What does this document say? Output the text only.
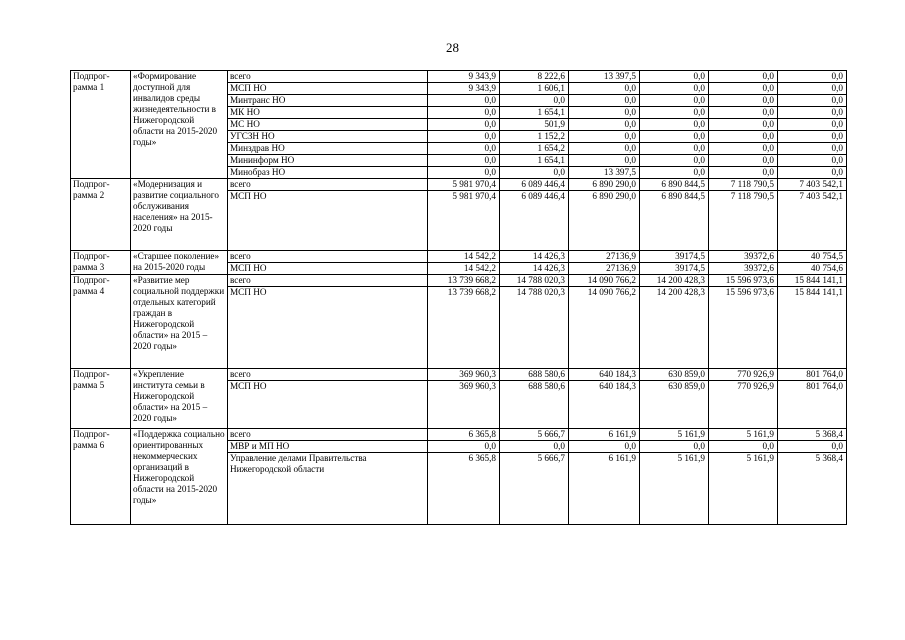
28
Подпрог-
рамма 1	«Формирование доступной для инвалидов среды жизнедеятельности в Нижегородской области на 2015-2020 годы»	всего	9 343,9	8 222,6	13 397,5	0,0	0,0	0,0
		МСП НО	9 343,9	1 606,1	0,0	0,0	0,0	0,0
		Минтранс НО	0,0	0,0	0,0	0,0	0,0	0,0
		МК НО	0,0	1 654,1	0,0	0,0	0,0	0,0
		МС НО	0,0	501,9	0,0	0,0	0,0	0,0
		УГСЗН НО	0,0	1 152,2	0,0	0,0	0,0	0,0
		Минздрав НО	0,0	1 654,2	0,0	0,0	0,0	0,0
		Мининформ НО	0,0	1 654,1	0,0	0,0	0,0	0,0
		Минобраз НО	0,0	0,0	13 397,5	0,0	0,0	0,0
Подпрог-
рамма 2	«Модернизация и развитие социального обслуживания населения» на 2015-2020 годы	всего	5 981 970,4	6 089 446,4	6 890 290,0	6 890 844,5	7 118 790,5	7 403 542,1
		МСП НО	5 981 970,4	6 089 446,4	6 890 290,0	6 890 844,5	7 118 790,5	7 403 542,1
Подпрог-
рамма 3	«Старшее поколение» на 2015-2020 годы	всего	14 542,2	14 426,3	27136,9	39174,5	39372,6	40 754,5
		МСП НО	14 542,2	14 426,3	27136,9	39174,5	39372,6	40 754,6
Подпрог-
рамма 4	«Развитие мер социальной поддержки отдельных категорий граждан в Нижегородской области» на 2015 – 2020 годы»	всего	13 739 668,2	14 788 020,3	14 090 766,2	14 200 428,3	15 596 973,6	15 844 141,1
		МСП НО	13 739 668,2	14 788 020,3	14 090 766,2	14 200 428,3	15 596 973,6	15 844 141,1
Подпрог-
рамма 5	«Укрепление института семьи в Нижегородской области» на 2015 – 2020 годы»	всего	369 960,3	688 580,6	640 184,3	630 859,0	770 926,9	801 764,0
		МСП НО	369 960,3	688 580,6	640 184,3	630 859,0	770 926,9	801 764,0
Подпрог-
рамма 6	«Поддержка социально ориентированных некоммерческих организаций в Нижегородской области на 2015-2020 годы»	всего	6 365,8	5 666,7	6 161,9	5 161,9	5 161,9	5 368,4
		МВР и МП НО	0,0	0,0	0,0	0,0	0,0	0,0
		Управление делами Правительства Нижегородской области	6 365,8	5 666,7	6 161,9	5 161,9	5 161,9	5 368,4
